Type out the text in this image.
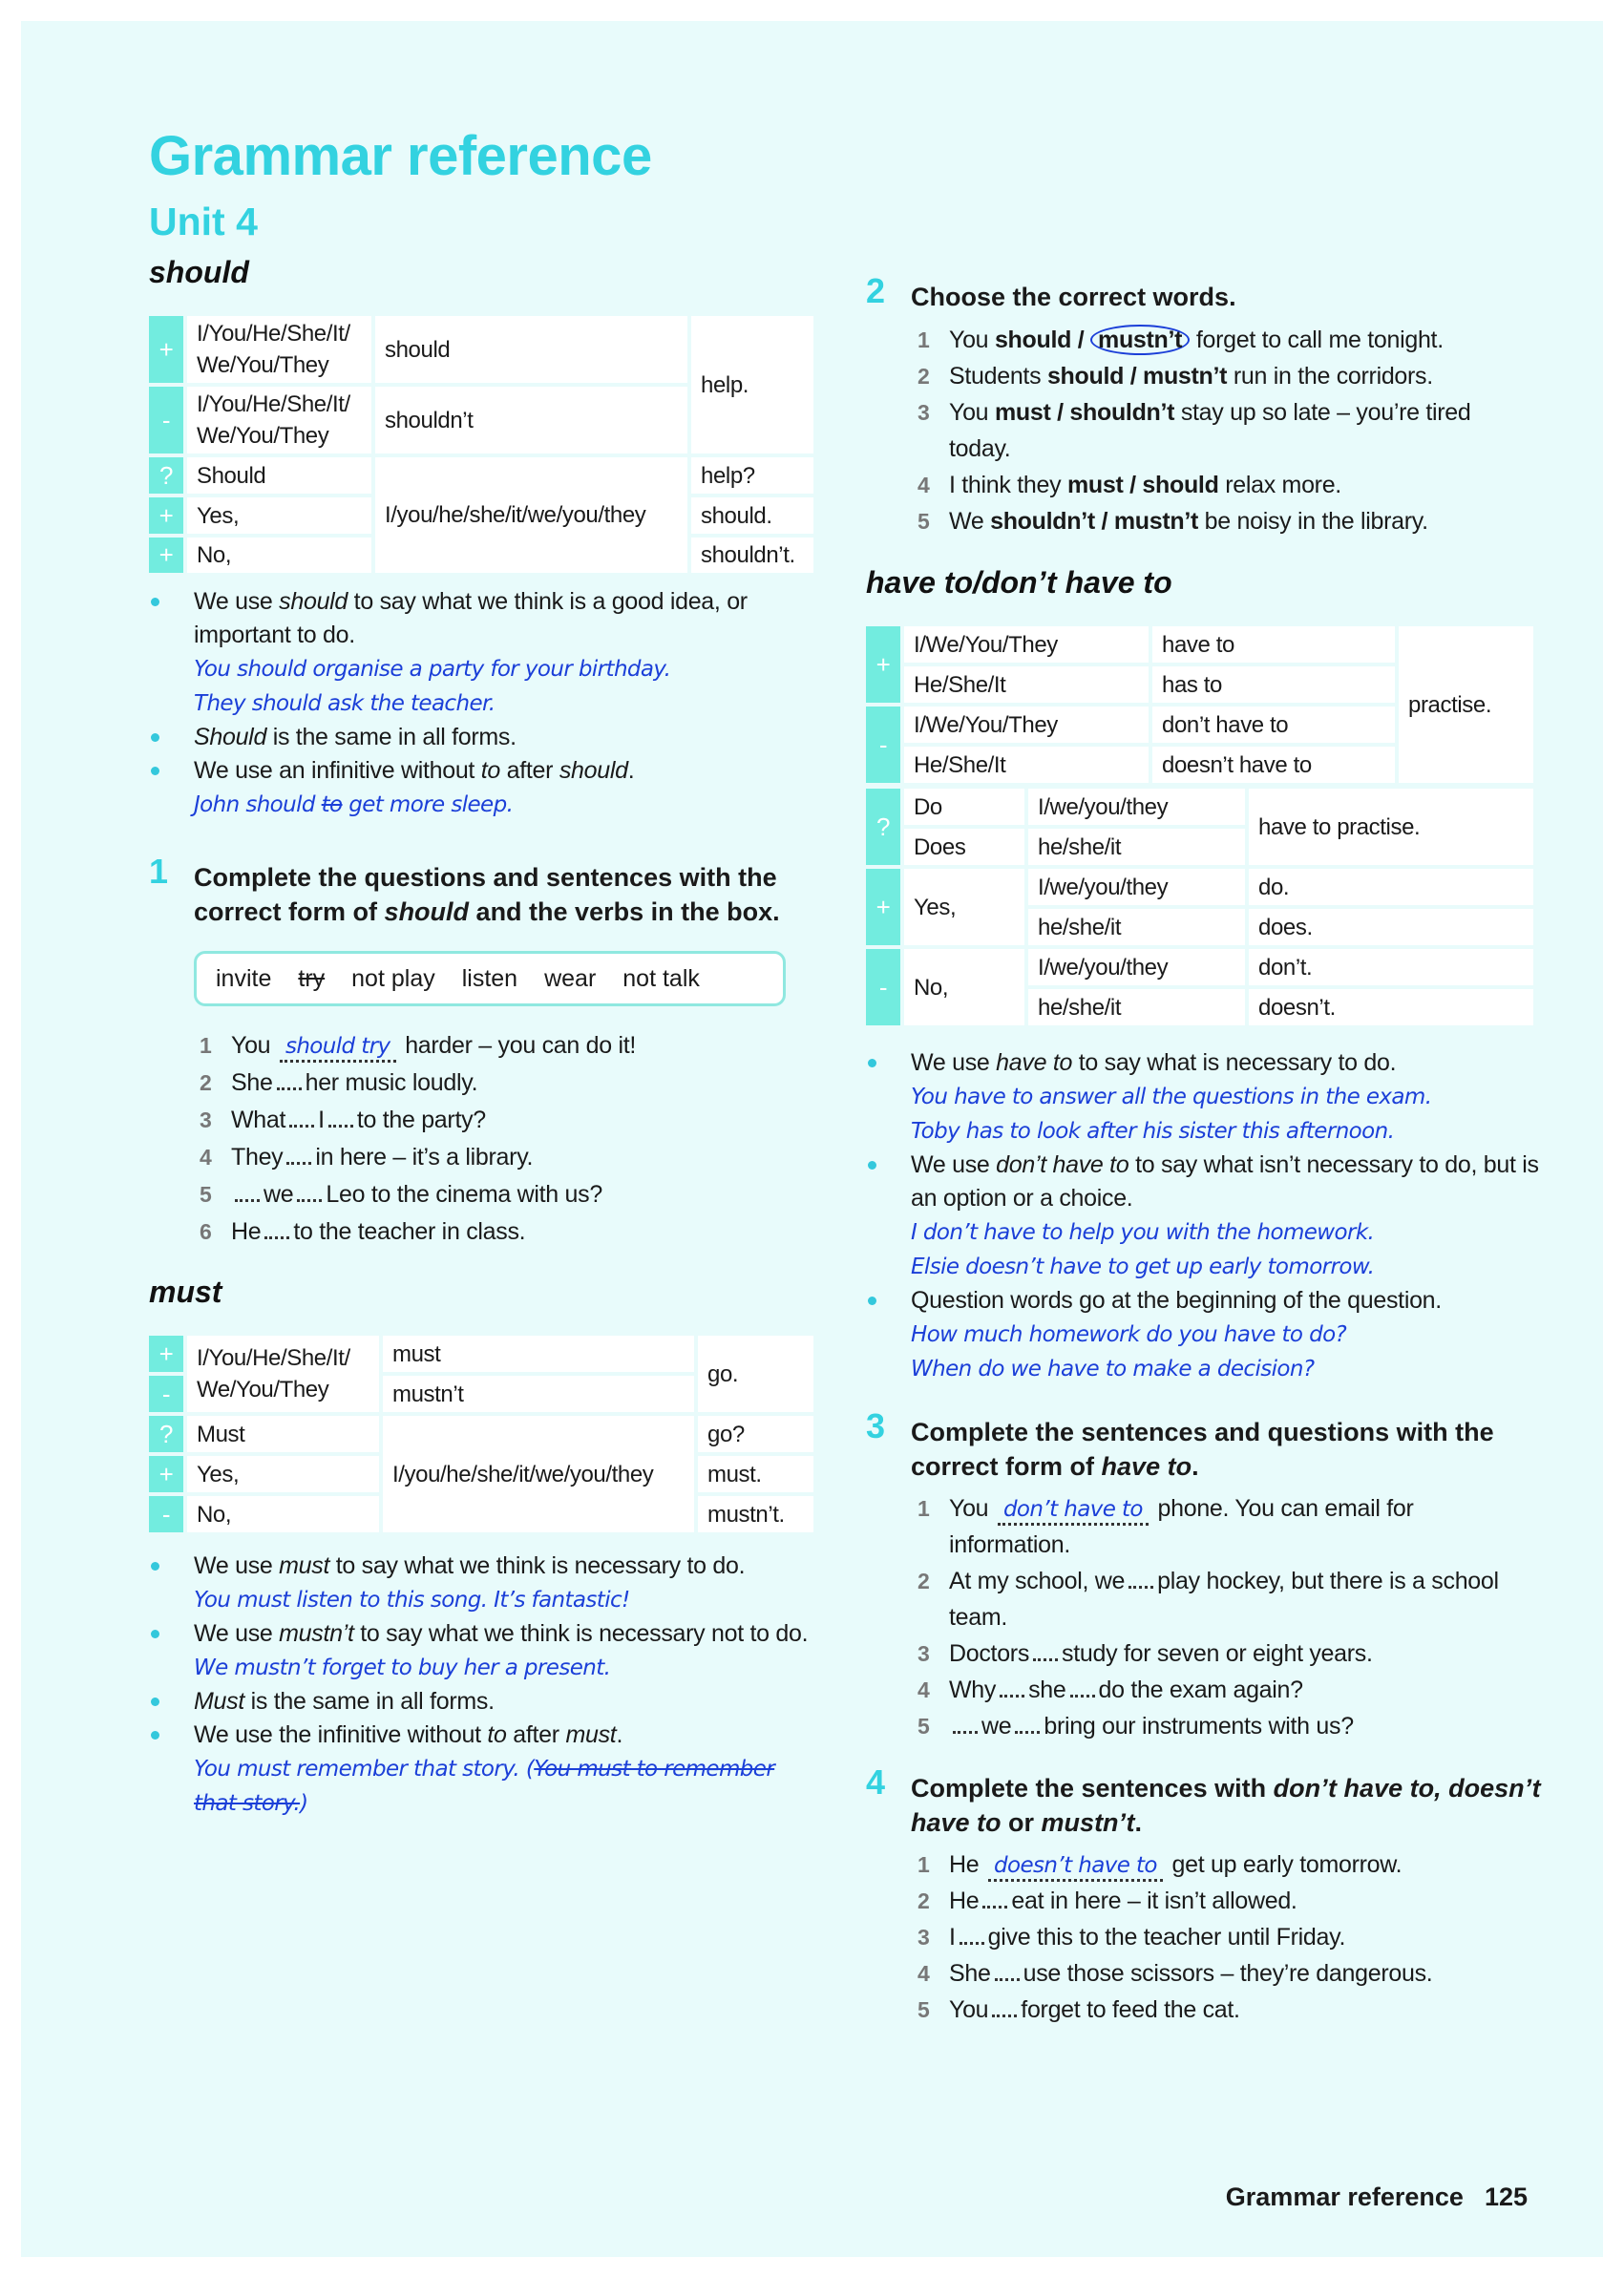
Grammar reference
Unit 4
should
+	I/You/He/She/It/ We/You/They	should	help.
-	I/You/He/She/It/ We/You/They	shouldn’t	
?	Should	I/you/he/she/it/we/you/they	help?
+	Yes,		should.
+	No,		shouldn’t.
We use should to say what we think is a good idea, or important to do.
You should organise a party for your birthday.
They should ask the teacher.
Should is the same in all forms.
We use an infinitive without to after should.
John should to get more sleep.
1 Complete the questions and sentences with the correct form of should and the verbs in the box.
invite try not play listen wear not talk
1 You should try harder – you can do it!
2 She her music loudly.
3 What I to the party?
4 They in here – it’s a library.
5 we Leo to the cinema with us?
6 He to the teacher in class.
must
+	I/You/He/She/It/ We/You/They	must	go.
-		mustn’t	
?	Must	I/you/he/she/it/we/you/they	go?
+	Yes,		must.
-	No,		mustn’t.
We use must to say what we think is necessary to do.
You must listen to this song. It’s fantastic!
We use mustn’t to say what we think is necessary not to do.
We mustn’t forget to buy her a present.
Must is the same in all forms.
We use the infinitive without to after must.
You must remember that story. (You must to remember that story.)
2 Choose the correct words.
1 You should / mustn’t forget to call me tonight.
2 Students should / mustn’t run in the corridors.
3 You must / shouldn’t stay up so late – you’re tired today.
4 I think they must / should relax more.
5 We shouldn’t / mustn’t be noisy in the library.
have to/don’t have to
+	I/We/You/They	have to	practise.
	He/She/It	has to	
-	I/We/You/They	don’t have to	
	He/She/It	doesn’t have to	
?	Do	I/we/you/they	have to practise.
	Does	he/she/it	
+	Yes,	I/we/you/they	do.
		he/she/it	does.
-	No,	I/we/you/they	don’t.
		he/she/it	doesn’t.
We use have to to say what is necessary to do.
You have to answer all the questions in the exam.
Toby has to look after his sister this afternoon.
We use don’t have to to say what isn’t necessary to do, but is an option or a choice.
I don’t have to help you with the homework.
Elsie doesn’t have to get up early tomorrow.
Question words go at the beginning of the question.
How much homework do you have to do?
When do we have to make a decision?
3 Complete the sentences and questions with the correct form of have to.
1 You don’t have to phone. You can email for information.
2 At my school, we play hockey, but there is a school team.
3 Doctors study for seven or eight years.
4 Why she do the exam again?
5 we bring our instruments with us?
4 Complete the sentences with don’t have to, doesn’t have to or mustn’t.
1 He doesn’t have to get up early tomorrow.
2 He eat in here – it isn’t allowed.
3 I give this to the teacher until Friday.
4 She use those scissors – they’re dangerous.
5 You forget to feed the cat.
Grammar reference 125
